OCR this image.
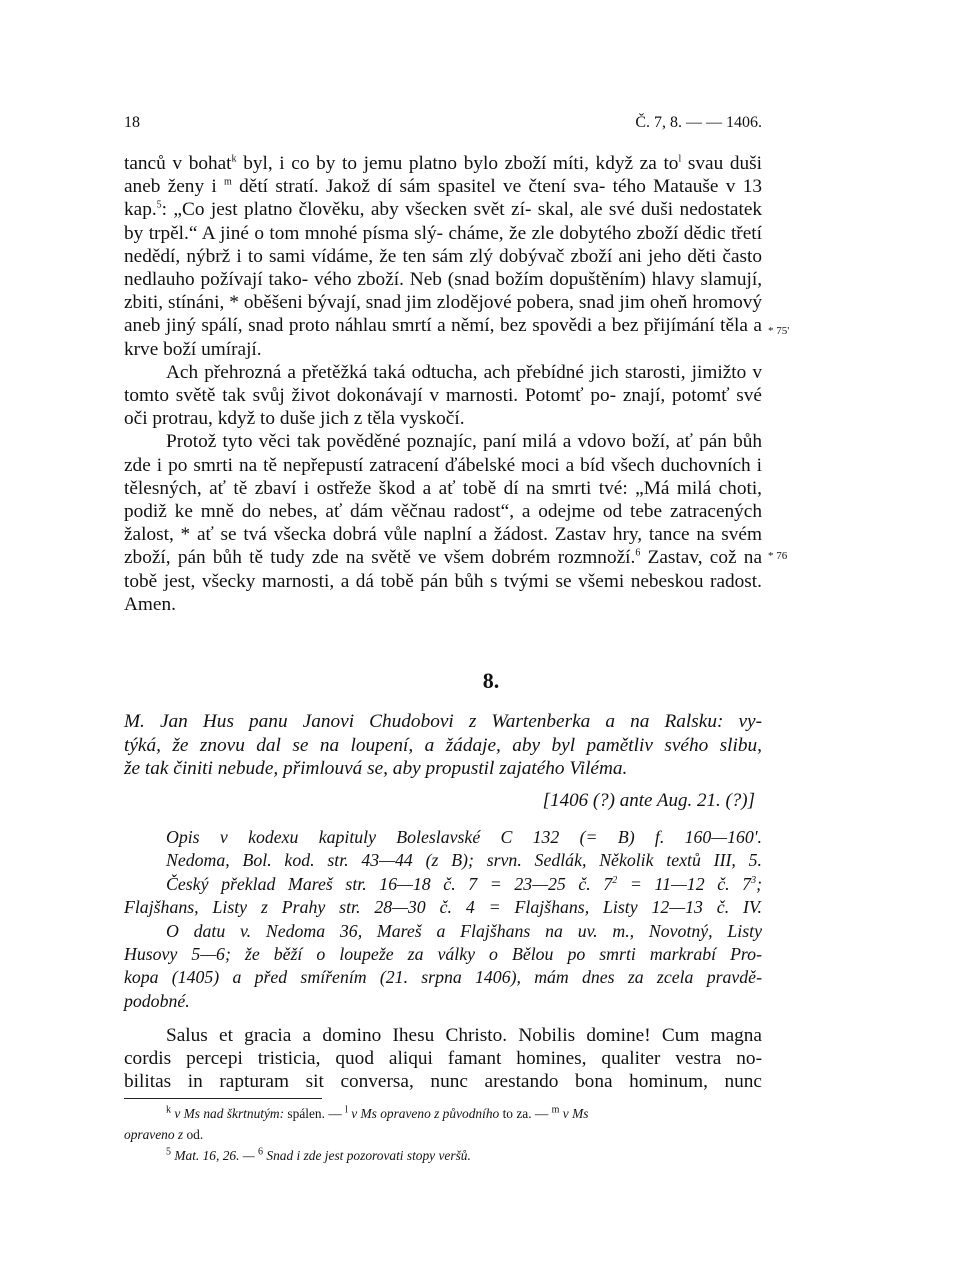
18	Č. 7, 8. — — 1406.

tanců v bohat$^k$ byl, i co by to jemu platno bylo zboží míti, když za $to^l$ svau duši aneb ženy i $^m$ dětí stratí. Jakož dí sám spasitel ve čtení sva- tého Matauše v 13 kap.$^5$: „Co jest platno člověku, aby všecken svět zí- skal, ale své duši nedostatek by trpěl.“ A jiné o tom mnohé písma slý- cháme, že zle dobytého zboží dědic třetí nedědí, nýbrž i to sami vídáme, že ten sám zlý dobývač zboží ani jeho děti často nedlauho požívají tako- vého zboží. Neb (snad božím dopuštěním) hlavy slamují, zbiti, stínáni, * oběšeni bývají, snad jim zlodějové pobera, snad jim oheň hromový aneb jiný spálí, snad proto náhlau smrtí a němí, bez spovědi a bez přijímání těla a krve boží umírají.

Ach přehrozná a přetěžká taká odtucha, ach přebídné jich starosti, jimižto v tomto světě tak svůj život dokonávají v marnosti. Potomť po- znají, potomť své oči protrau, když to duše jich z těla vyskočí.

Protož tyto věci tak pověděné poznajíc, paní milá a vdovo boží, ať pán bůh zde i po smrti na tě nepřepustí zatracení ďábelské moci a bíd všech duchovních i tělesných, ať tě zbaví i ostřeže škod a ať tobě dí na smrti tvé: „Má milá choti, podiž ke mně do nebes, ať dám věčnau radost“, a odejme od tebe zatracených žalost, * ať se tvá všecka dobrá vůle naplní a žádost. Zastav hry, tance na svém zboží, pán bůh tě tudy zde na světě ve všem dobrém rozmnoží.$^6$ Zastav, což na tobě jest, všecky marnosti, a dá tobě pán bůh s tvými se všemi nebeskou radost. Amen.

* 75'
* 76
8.
M. Jan Hus panu Janovi Chudobovi z Wartenberka a na Ralsku: vy-
týká, že znovu dal se na loupení, a žádaje, aby byl pamětliv svého slibu,
že tak činiti nebude, přimlouvá se, aby propustil zajatého Viléma.
[1406 (?) ante Aug. 21. (?)]
Opis v kodexu kapituly Boleslavské C 132 (= B) f. 160—160'.
Nedoma, Bol. kod. str. 43—44 (z B); srvn. Sedlák, Několik textů III, 5.
Český překlad Mareš str. 16—18 č. 7 = 23—25 č. $7^2$ = 11—12 č. $7^3$;
Flajšhans, Listy z Prahy str. 28—30 č. 4 = Flajšhans, Listy 12—13 č. IV.
O datu v. Nedoma 36, Mareš a Flajšhans na uv. m., Novotný, Listy
Husovy 5—6; že běží o loupeže za války o Bělou po smrti markrabí Pro-
kopa (1405) a před smířením (21. srpna 1406), mám dnes za zcela pravdě-
podobné.
Salus et gracia a domino Ihesu Christo. Nobilis domine! Cum magna
cordis percepi tristicia, quod aliqui famant homines, qualiter vestra no-
bilitas in rapturam sit conversa, nunc arestando bona hominum, nunc
$^k$ v Ms nad škrtnutým: spálen. — $^l$ v Ms opraveno z původního to za. — $^m$ v Ms
opraveno z od.
$^5$ Mat. 16, 26. — $^6$ Snad i zde jest pozorovati stopy veršů.
